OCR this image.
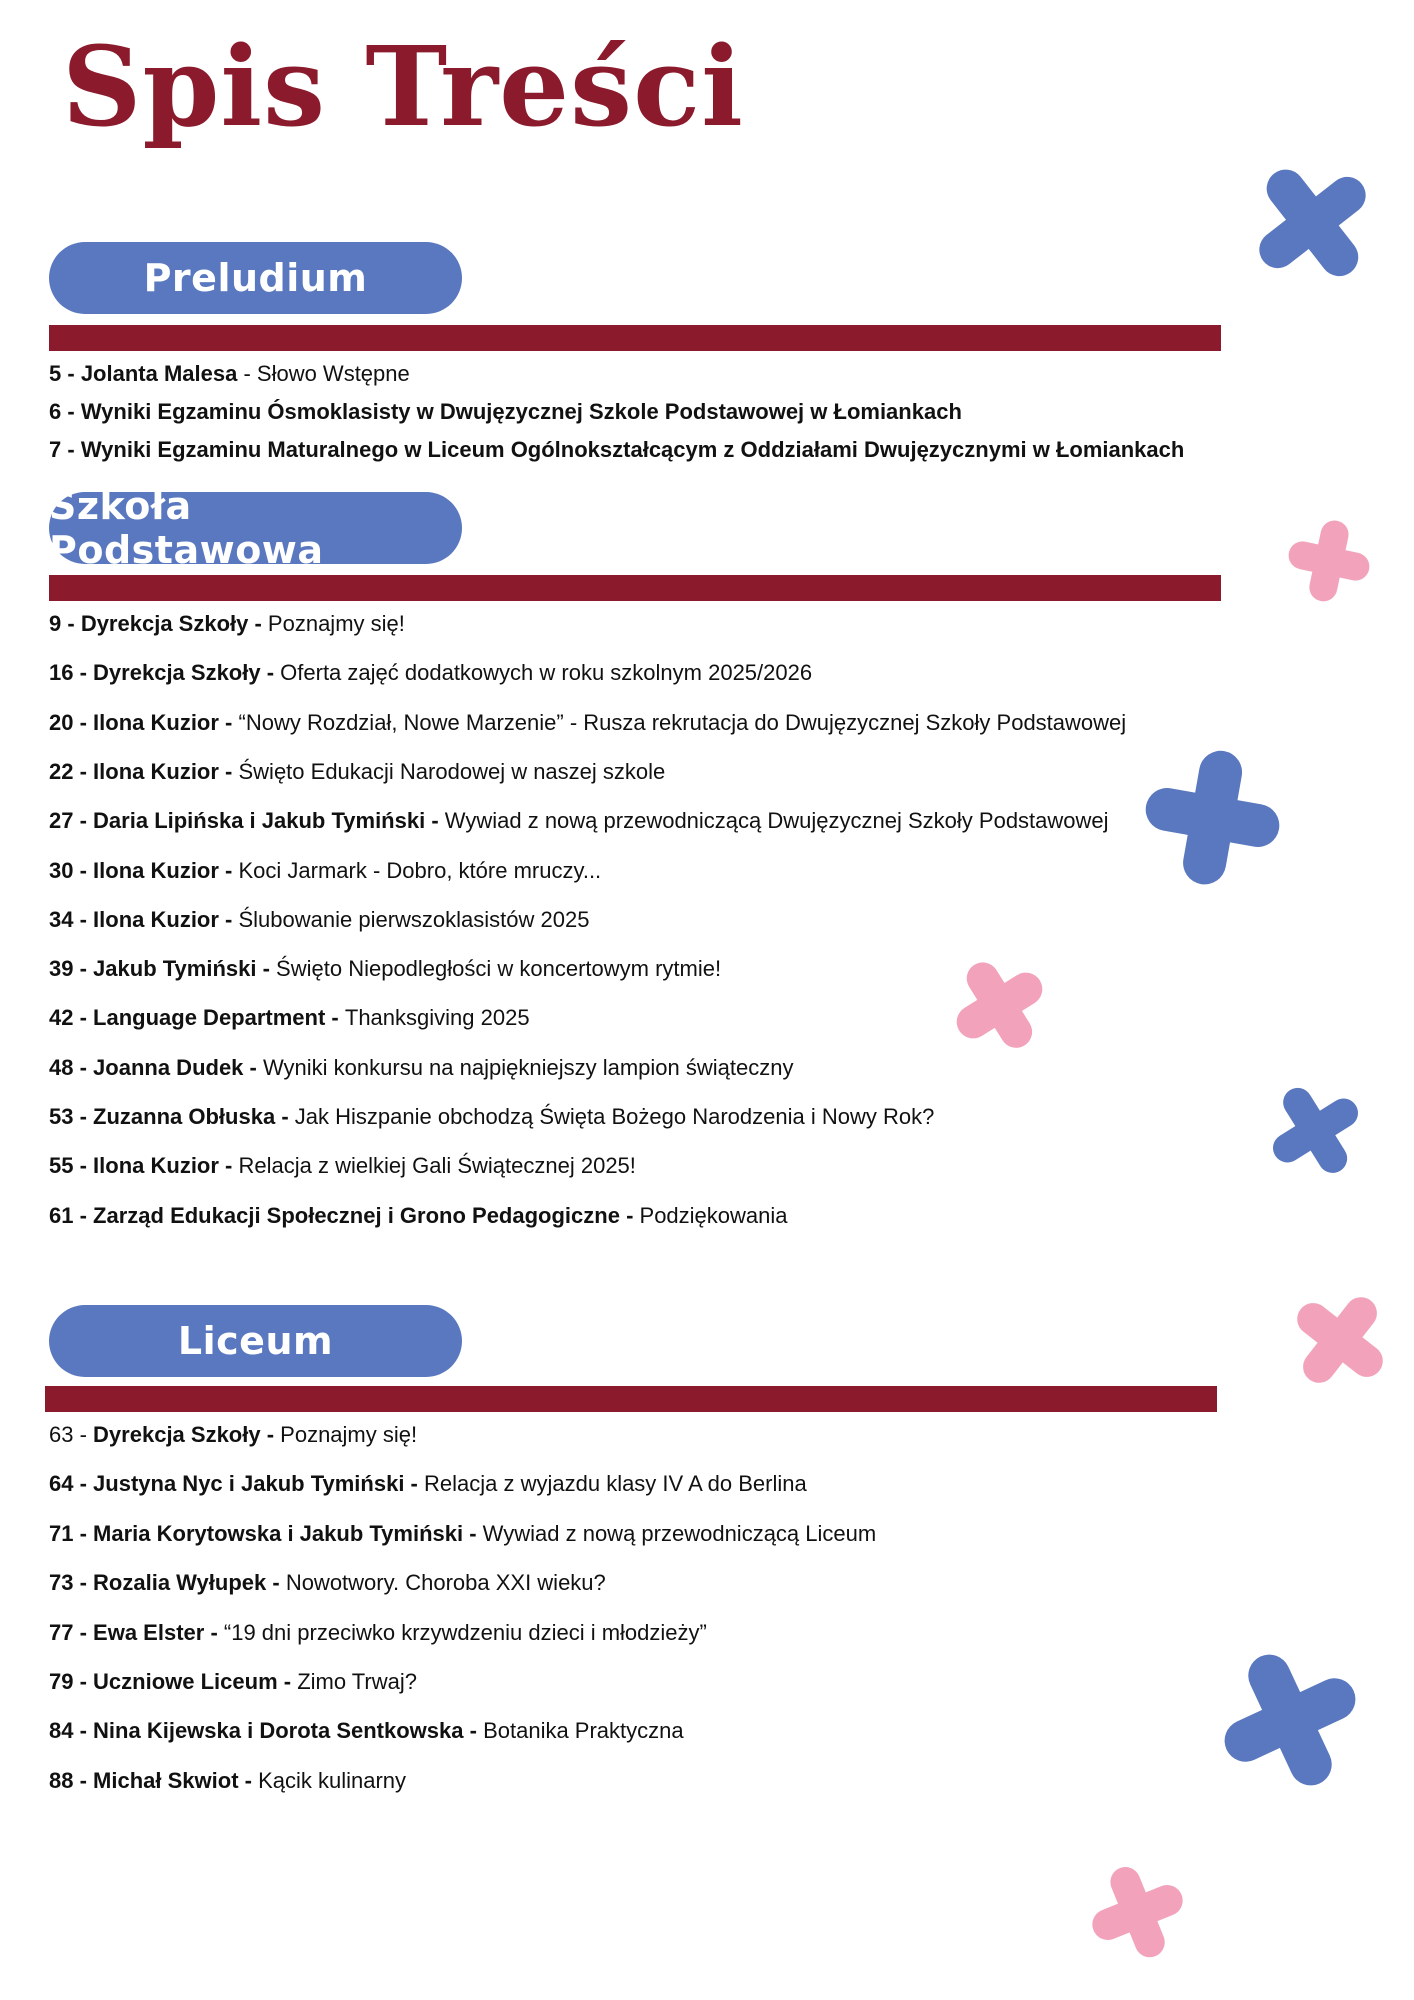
Spis Treści
Preludium
5 - Jolanta Malesa - Słowo Wstępne
6 - Wyniki Egzaminu Ósmoklasisty w Dwujęzycznej Szkole Podstawowej w Łomiankach
7 - Wyniki Egzaminu Maturalnego w Liceum Ogólnokształcącym z Oddziałami Dwujęzycznymi w Łomiankach
Szkoła Podstawowa
9 - Dyrekcja Szkoły - Poznajmy się!
16 - Dyrekcja Szkoły - Oferta zajęć dodatkowych w roku szkolnym 2025/2026
20 - Ilona Kuzior - “Nowy Rozdział, Nowe Marzenie” - Rusza rekrutacja do Dwujęzycznej Szkoły Podstawowej
22 - Ilona Kuzior - Święto Edukacji Narodowej w naszej szkole
27 - Daria Lipińska i Jakub Tymiński - Wywiad z nową przewodniczącą Dwujęzycznej Szkoły Podstawowej
30 - Ilona Kuzior - Koci Jarmark - Dobro, które mruczy...
34 - Ilona Kuzior - Ślubowanie pierwszoklasistów 2025
39 - Jakub Tymiński - Święto Niepodległości w koncertowym rytmie!
42 - Language Department - Thanksgiving 2025
48 - Joanna Dudek - Wyniki konkursu na najpiękniejszy lampion świąteczny
53 - Zuzanna Obłuska - Jak Hiszpanie obchodzą Święta Bożego Narodzenia i Nowy Rok?
55 - Ilona Kuzior - Relacja z wielkiej Gali Świątecznej 2025!
61 - Zarząd Edukacji Społecznej i Grono Pedagogiczne - Podziękowania
Liceum
63 - Dyrekcja Szkoły - Poznajmy się!
64 - Justyna Nyc i Jakub Tymiński - Relacja z wyjazdu klasy IV A do Berlina
71 - Maria Korytowska i Jakub Tymiński - Wywiad z nową przewodniczącą Liceum
73 - Rozalia Wyłupek - Nowotwory. Choroba XXI wieku?
77 - Ewa Elster - “19 dni przeciwko krzywdzeniu dzieci i młodzieży”
79 - Uczniowe Liceum - Zimo Trwaj?
84 - Nina Kijewska i Dorota Sentkowska - Botanika Praktyczna
88 - Michał Skwiot - Kącik kulinarny
